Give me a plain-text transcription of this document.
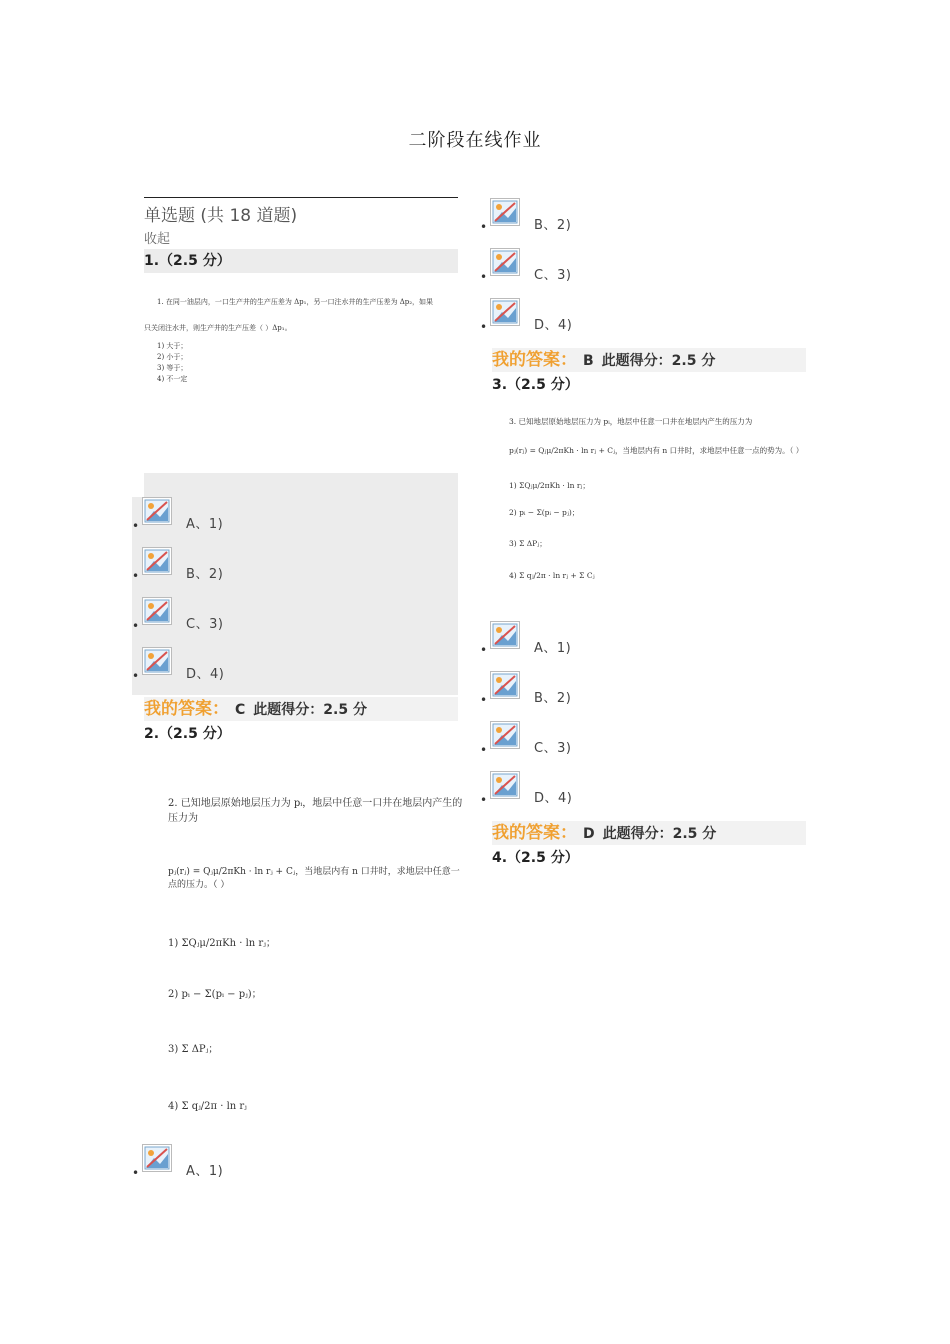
二阶段在线作业
单选题 (共 18 道题)
收起
1.（2.5 分）
1. 在同一油层内，一口生产井的生产压差为 Δp₁，另一口注水井的生产压差为 Δp₂，如果
只关闭注水井，则生产井的生产压差（ ）Δp₁。
1) 大于；
2) 小于；
3) 等于；
4) 不一定
•	A、1)
•	B、2)
•	C、3)
•	D、4)
我的答案： C 此题得分：2.5 分
2.（2.5 分）
2. 已知地层原始地层压力为 pᵢ，地层中任意一口井在地层内产生的压力为
pⱼ(rⱼ) = Qⱼμ/2πKh · ln rⱼ + Cⱼ，当地层内有 n 口井时，求地层中任意一点的压力。（ ）
1) ΣQⱼμ/2πKh · ln rⱼ；
2) pᵢ − Σ(pᵢ − pⱼ)；
3) Σ ΔPⱼ；
4) Σ qⱼ/2π · ln rⱼ
•	A、1)
•	B、2)
•	C、3)
•	D、4)
我的答案： B 此题得分：2.5 分
3.（2.5 分）
3. 已知地层原始地层压力为 pᵢ，地层中任意一口井在地层内产生的压力为
pⱼ(rⱼ) = Qⱼμ/2πKh · ln rⱼ + Cⱼ，当地层内有 n 口井时，求地层中任意一点的势为。（ ）
1) ΣQⱼμ/2πKh · ln rⱼ；
2) pᵢ − Σ(pᵢ − pⱼ)；
3) Σ ΔPⱼ；
4) Σ qⱼ/2π · ln rⱼ + Σ Cⱼ
•	A、1)
•	B、2)
•	C、3)
•	D、4)
我的答案： D 此题得分：2.5 分
4.（2.5 分）
